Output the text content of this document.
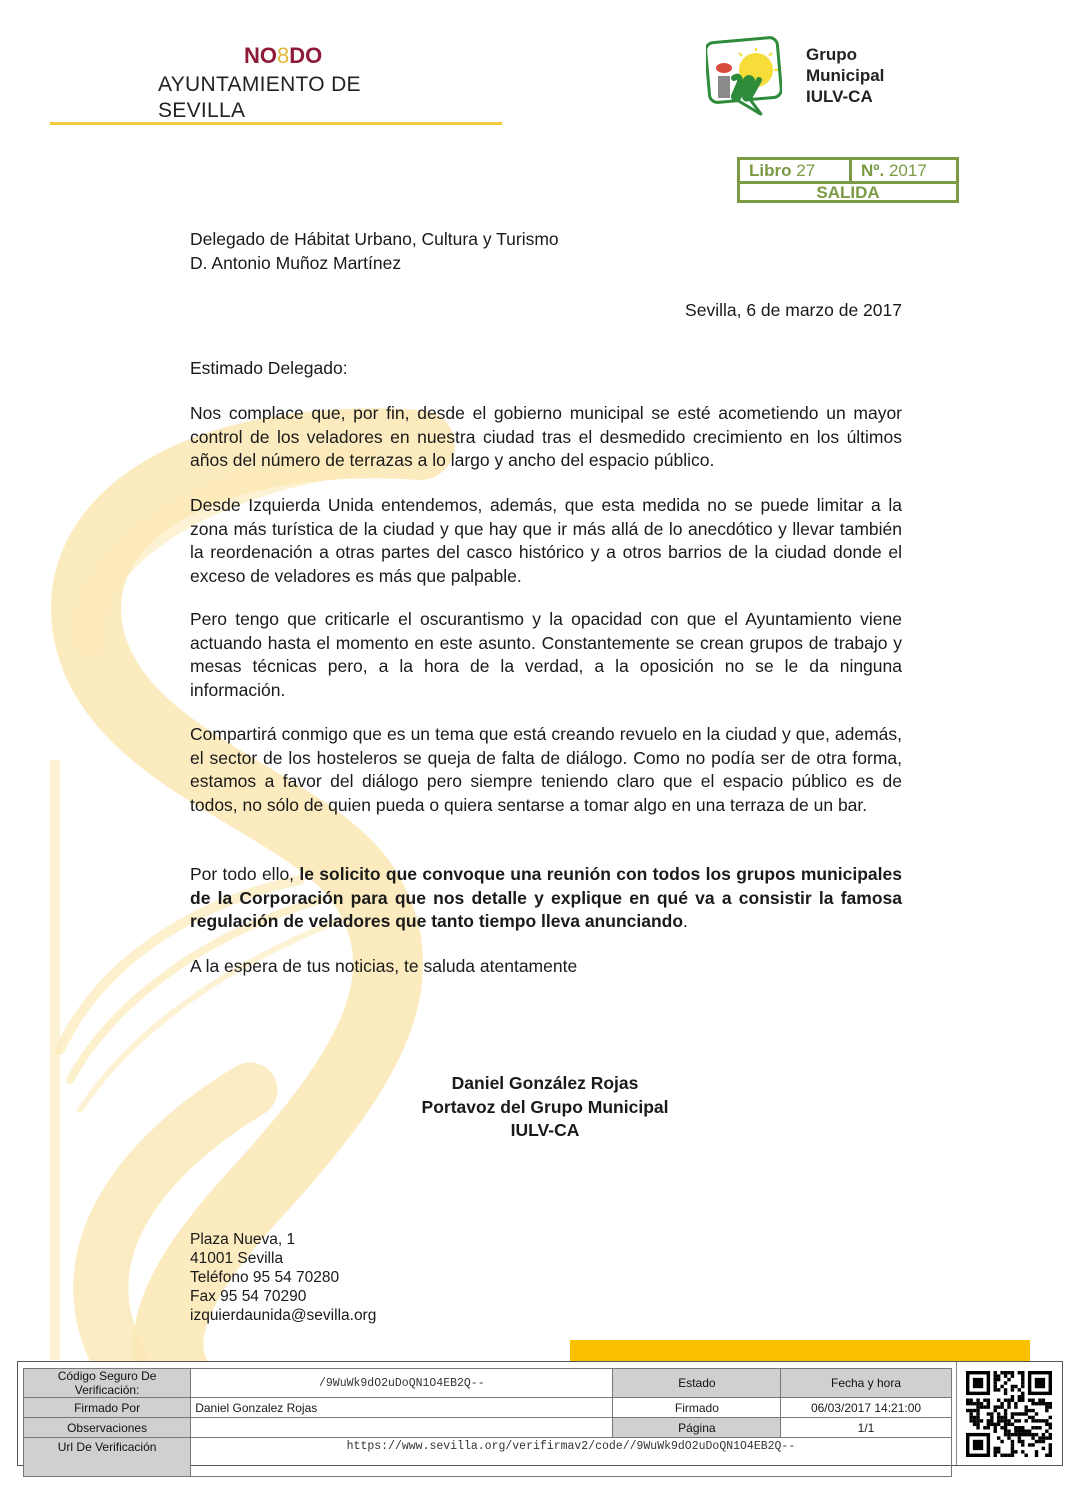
NO8DO
AYUNTAMIENTO DE SEVILLA
Grupo
Municipal
IULV-CA
Libro 27	Nº. 2017
SALIDA
Delegado de Hábitat Urbano, Cultura y Turismo
D. Antonio Muñoz Martínez
Sevilla, 6 de marzo de 2017
Estimado Delegado:

Nos complace que, por fin, desde el gobierno municipal se esté acometiendo un mayor control de los veladores en nuestra ciudad tras el desmedido crecimiento en los últimos años del número de terrazas a lo largo y ancho del espacio público.

Desde Izquierda Unida entendemos, además, que esta medida no se puede limitar a la zona más turística de la ciudad y que hay que ir más allá de lo anecdótico y llevar también la reordenación a otras partes del casco histórico y a otros barrios de la ciudad donde el exceso de veladores es más que palpable.

Pero tengo que criticarle el oscurantismo y la opacidad con que el Ayuntamiento viene actuando hasta el momento en este asunto. Constantemente se crean grupos de trabajo y mesas técnicas pero, a la hora de la verdad, a la oposición no se le da ninguna información.

Compartirá conmigo que es un tema que está creando revuelo en la ciudad y que, además, el sector de los hosteleros se queja de falta de diálogo. Como no podía ser de otra forma, estamos a favor del diálogo pero siempre teniendo claro que el espacio público es de todos, no sólo de quien pueda o quiera sentarse a tomar algo en una terraza de un bar.

Por todo ello, le solicito que convoque una reunión con todos los grupos municipales de la Corporación para que nos detalle y explique en qué va a consistir la famosa regulación de veladores que tanto tiempo lleva anunciando.

A la espera de tus noticias, te saluda atentamente
Daniel González Rojas
Portavoz del Grupo Municipal
IULV-CA
Plaza Nueva, 1
41001 Sevilla
Teléfono 95 54 70280
Fax 95 54 70290
izquierdaunida@sevilla.org
Código Seguro De Verificación:	/9WuWk9dO2uDoQN1O4EB2Q--	Estado	Fecha y hora
Firmado Por	Daniel Gonzalez Rojas	Firmado	06/03/2017 14:21:00
Observaciones		Página	1/1
Url De Verificación	https://www.sevilla.org/verifirmav2/code//9WuWk9dO2uDoQN1O4EB2Q--		
